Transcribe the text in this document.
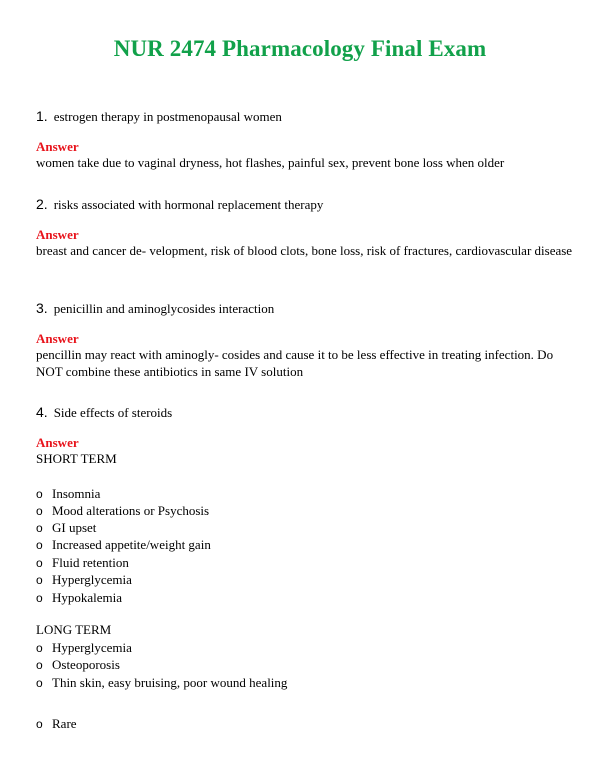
NUR 2474 Pharmacology Final Exam
1. estrogen therapy in postmenopausal women
Answer
women take due to vaginal dryness, hot flashes, painful sex, prevent bone loss when older
2. risks associated with hormonal replacement therapy
Answer
breast and cancer de- velopment, risk of blood clots, bone loss, risk of fractures, cardiovascular disease
3. penicillin and aminoglycosides interaction
Answer
pencillin may react with aminogly- cosides and cause it to be less effective in treating infection. Do NOT combine these antibiotics in same IV solution
4. Side effects of steroids
Answer
SHORT TERM
o Insomnia
o Mood alterations or Psychosis
o GI upset
o Increased appetite/weight gain
o Fluid retention
o Hyperglycemia
o Hypokalemia
LONG TERM
o Hyperglycemia
o Osteoporosis
o Thin skin, easy bruising, poor wound healing
o Rare
